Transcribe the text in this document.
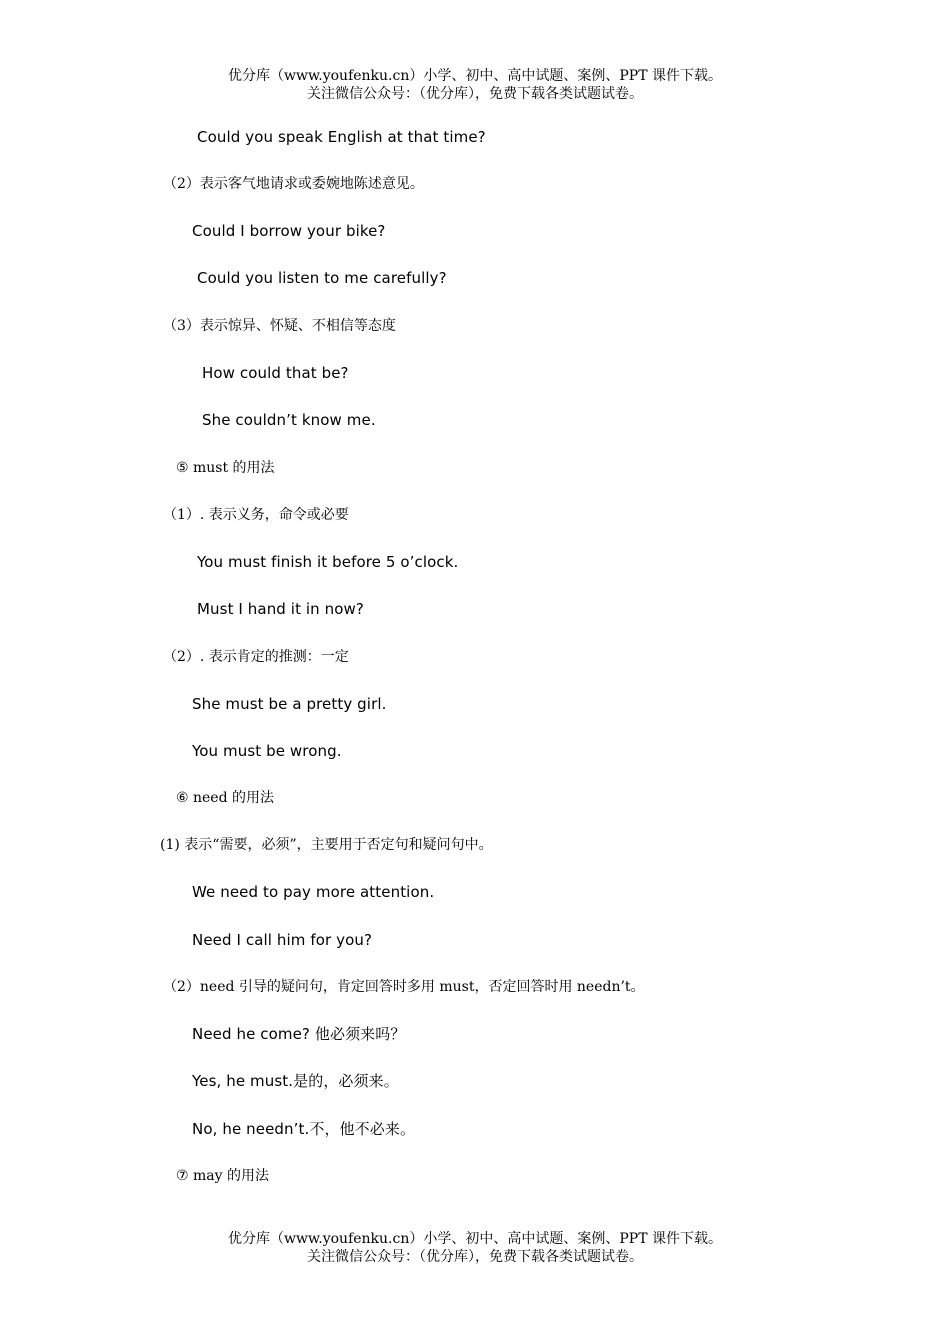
优分库（www.youfenku.cn）小学、初中、高中试题、案例、PPT 课件下载。
关注微信公众号：（优分库），免费下载各类试题试卷。
Could you speak English at that time?
（2）表示客气地请求或委婉地陈述意见。
Could I borrow your bike?
Could you listen to me carefully?
（3）表示惊异、怀疑、不相信等态度
How could that be?
She couldn’t know me.
⑤ must 的用法
（1）. 表示义务，命令或必要
You must finish it before 5 o’clock.
Must I hand it in now?
（2）. 表示肯定的推测：一定
She must be a pretty girl.
You must be wrong.
⑥ need 的用法
(1) 表示“需要，必须”，主要用于否定句和疑问句中。
We need to pay more attention.
Need I call him for you?
（2）need 引导的疑问句，肯定回答时多用 must，否定回答时用 needn’t。
Need he come? 他必须来吗？
Yes, he must.是的，必须来。
No, he needn’t.不，他不必来。
⑦ may 的用法
优分库（www.youfenku.cn）小学、初中、高中试题、案例、PPT 课件下载。
关注微信公众号：（优分库），免费下载各类试题试卷。
